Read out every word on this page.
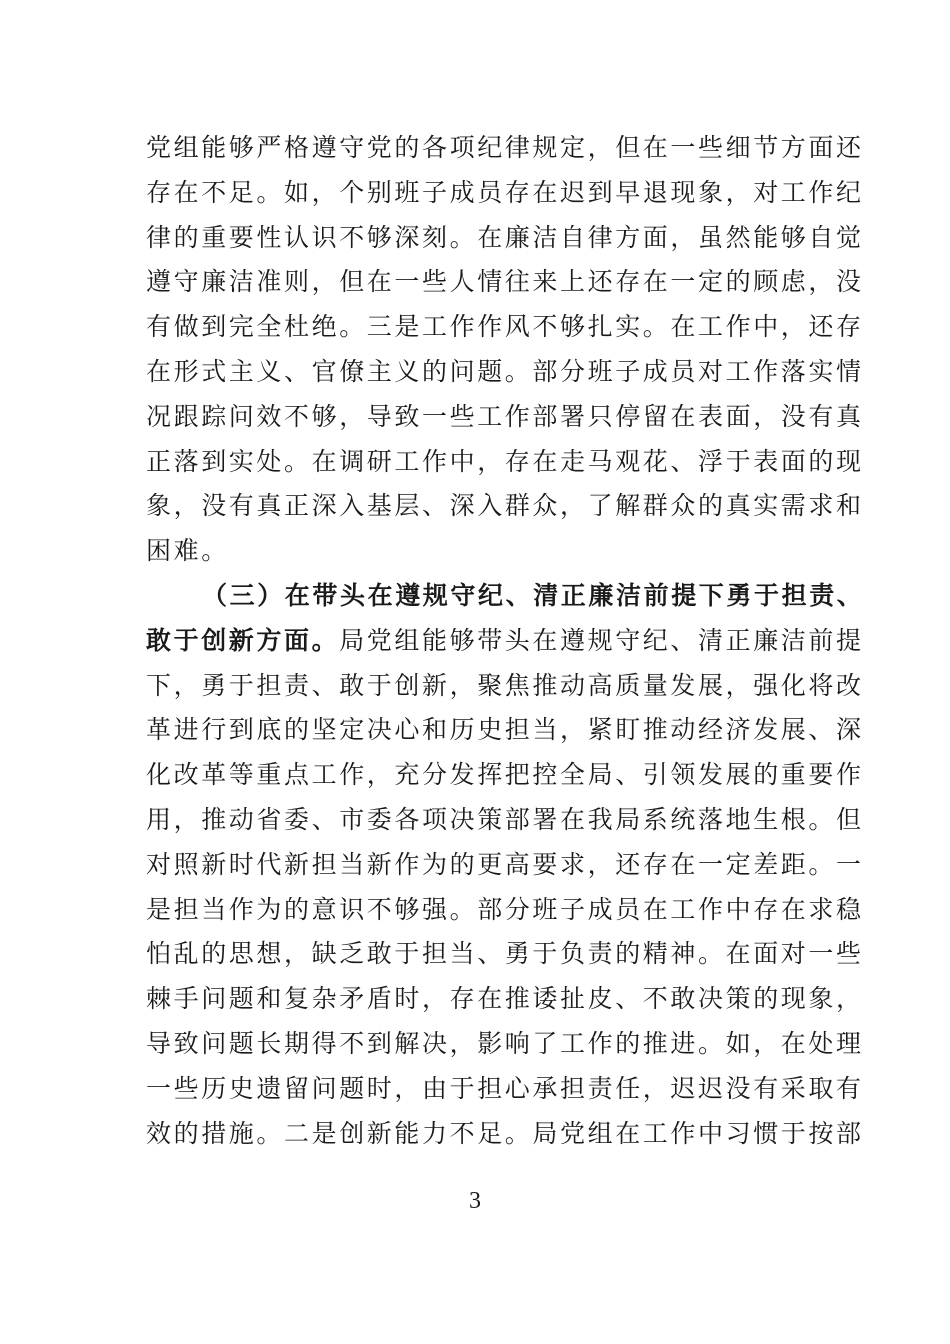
党组能够严格遵守党的各项纪律规定，但在一些细节方面还
存在不足。如，个别班子成员存在迟到早退现象，对工作纪
律的重要性认识不够深刻。在廉洁自律方面，虽然能够自觉
遵守廉洁准则，但在一些人情往来上还存在一定的顾虑，没
有做到完全杜绝。三是工作作风不够扎实。在工作中，还存
在形式主义、官僚主义的问题。部分班子成员对工作落实情
况跟踪问效不够，导致一些工作部署只停留在表面，没有真
正落到实处。在调研工作中，存在走马观花、浮于表面的现
象，没有真正深入基层、深入群众，了解群众的真实需求和
困难。
（三）在带头在遵规守纪、清正廉洁前提下勇于担责、
敢于创新方面。局党组能够带头在遵规守纪、清正廉洁前提
下，勇于担责、敢于创新，聚焦推动高质量发展，强化将改
革进行到底的坚定决心和历史担当，紧盯推动经济发展、深
化改革等重点工作，充分发挥把控全局、引领发展的重要作
用，推动省委、市委各项决策部署在我局系统落地生根。但
对照新时代新担当新作为的更高要求，还存在一定差距。一
是担当作为的意识不够强。部分班子成员在工作中存在求稳
怕乱的思想，缺乏敢于担当、勇于负责的精神。在面对一些
棘手问题和复杂矛盾时，存在推诿扯皮、不敢决策的现象，
导致问题长期得不到解决，影响了工作的推进。如，在处理
一些历史遗留问题时，由于担心承担责任，迟迟没有采取有
效的措施。二是创新能力不足。局党组在工作中习惯于按部
3
